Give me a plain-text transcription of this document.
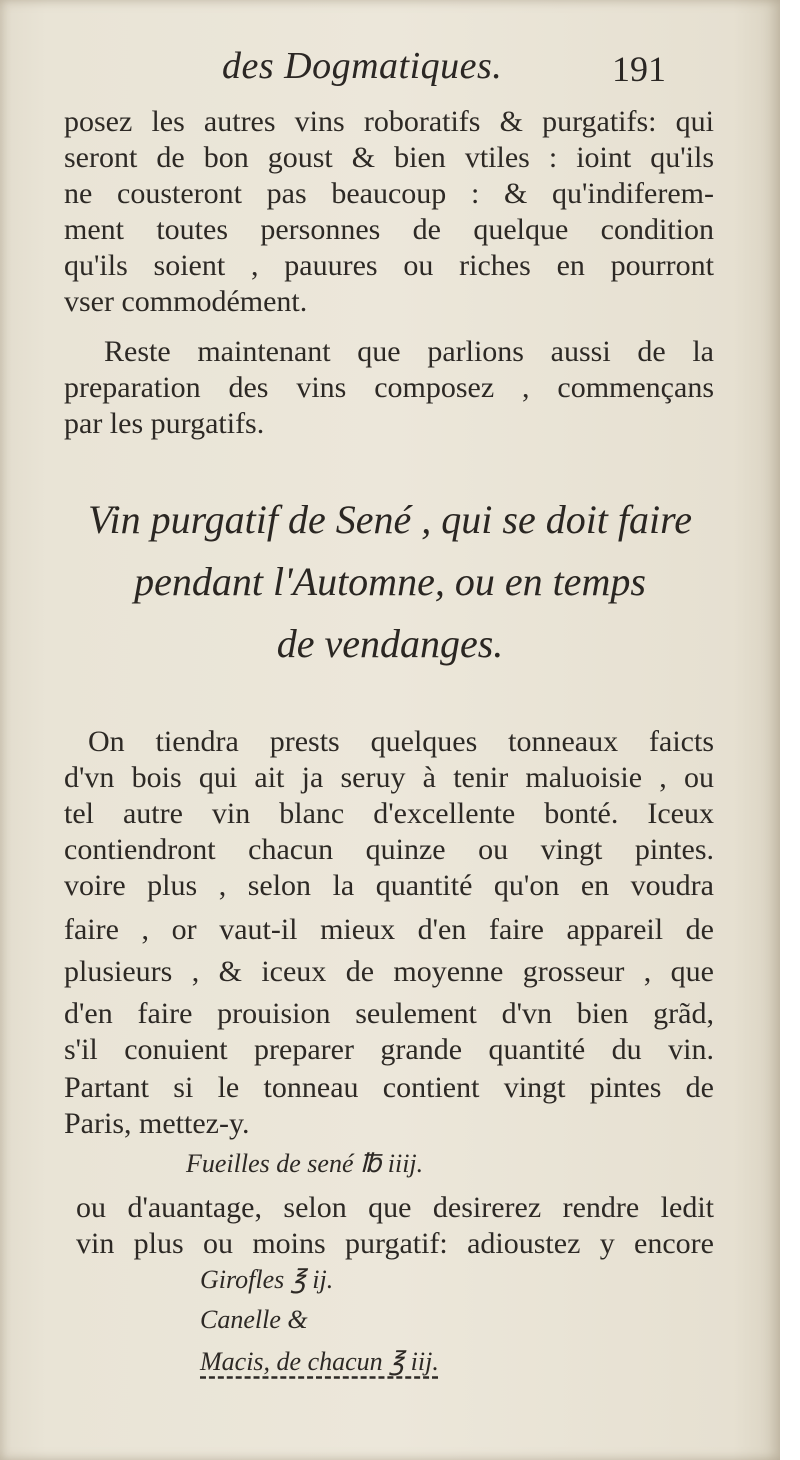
des Dogmatiques.	191
posez les autres vins roboratifs & purgatifs: qui
seront de bon goust & bien vtiles : ioint qu'ils
ne cousteront pas beaucoup : & qu'indiferem-
ment toutes personnes de quelque condition
qu'ils soient , pauures ou riches en pourront
vser commodément.
Reste maintenant que parlions aussi de la
preparation des vins composez , commençans
par les purgatifs.
Vin purgatif de Sené , qui se doit faire
pendant l'Automne, ou en temps
de vendanges.
On tiendra prests quelques tonneaux faicts
d'vn bois qui ait ja seruy à tenir maluoisie , ou
tel autre vin blanc d'excellente bonté. Iceux
contiendront chacun quinze ou vingt pintes.
voire plus , selon la quantité qu'on en voudra
faire , or vaut-il mieux d'en faire appareil de
plusieurs , & iceux de moyenne grosseur , que
d'en faire prouision seulement d'vn bien grãd,
s'il conuient preparer grande quantité du vin.
Partant si le tonneau contient vingt pintes de
Paris, mettez-y.
Fueilles de sené ℔ iiij.
ou d'auantage, selon que desirerez rendre ledit
vin plus ou moins purgatif: adioustez y encore
Girofles ℥ ij.
Canelle &
Macis, de chacun ℥ iij.
